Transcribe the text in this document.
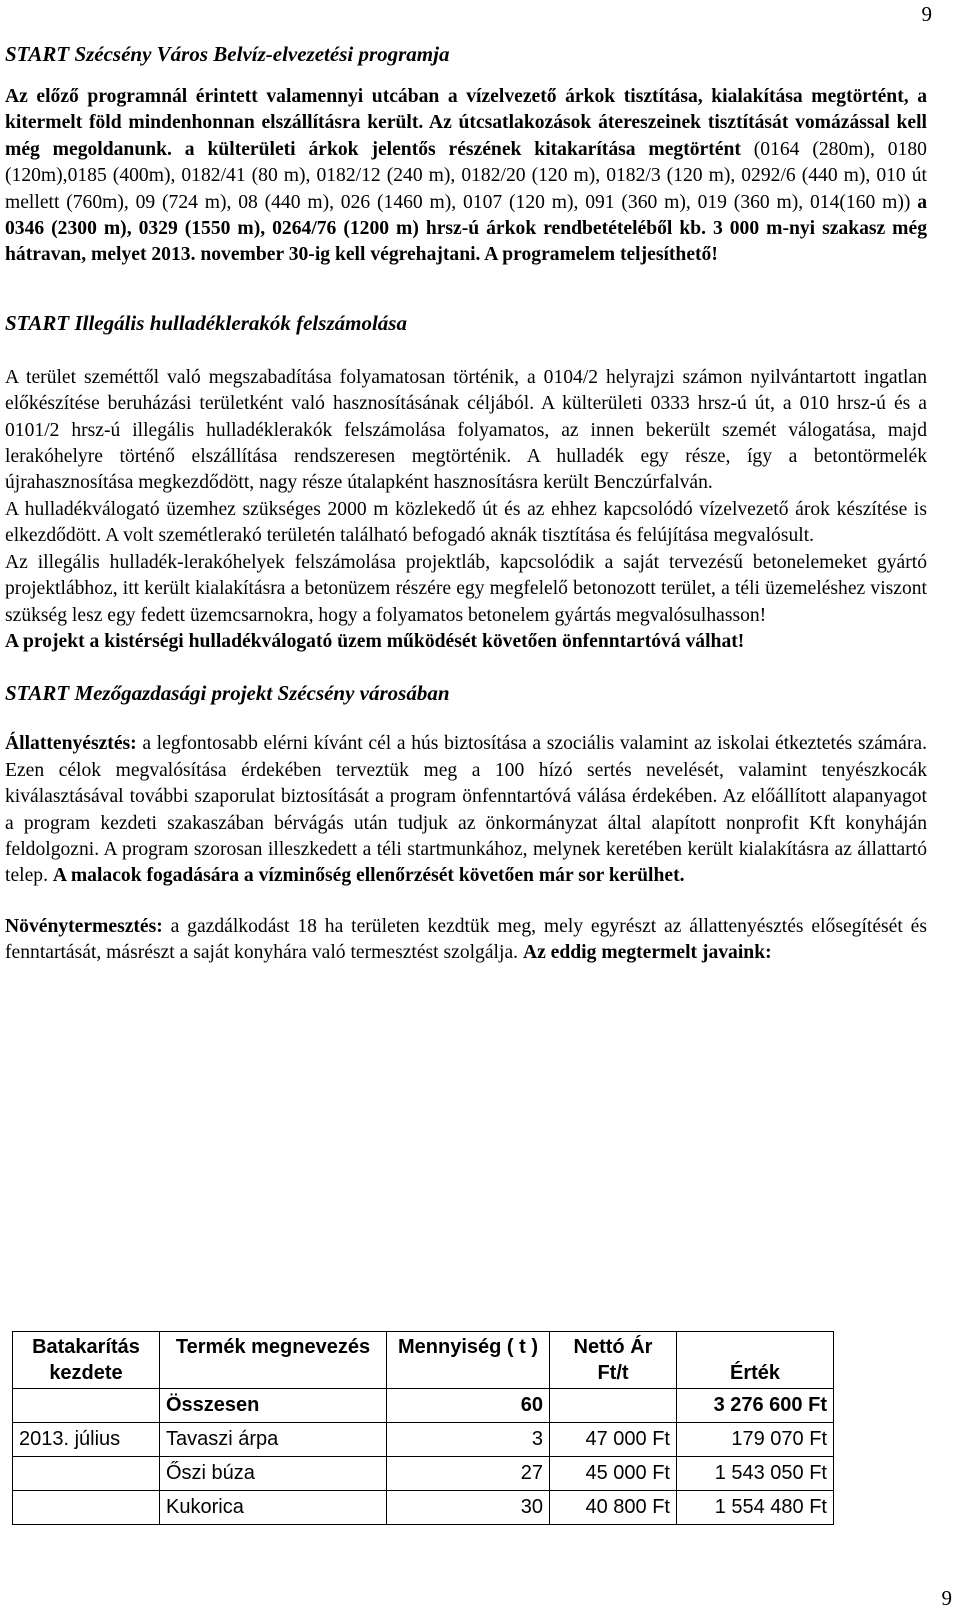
9
START Szécsény Város Belvíz-elvezetési programja

Az előző programnál érintett valamennyi utcában a vízelvezető árkok tisztítása, kialakítása megtörtént, a kitermelt föld mindenhonnan elszállításra került. Az útcsatlakozások átereszeinek tisztítását vomázással kell még megoldanunk. a külterületi árkok jelentős részének kitakarítása megtörtént (0164 (280m), 0180 (120m),0185 (400m), 0182/41 (80 m), 0182/12 (240 m), 0182/20 (120 m), 0182/3 (120 m), 0292/6 (440 m), 010 út mellett (760m), 09 (724 m), 08 (440 m), 026 (1460 m), 0107 (120 m), 091 (360 m), 019 (360 m), 014(160 m)) a 0346 (2300 m), 0329 (1550 m), 0264/76 (1200 m) hrsz-ú árkok rendbetételéből kb. 3 000 m-nyi szakasz még hátravan, melyet 2013. november 30-ig kell végrehajtani. A programelem teljesíthető!

START Illegális hulladéklerakók felszámolása

A terület szeméttől való megszabadítása folyamatosan történik, a 0104/2 helyrajzi számon nyilvántartott ingatlan előkészítése beruházási területként való hasznosításának céljából. A külterületi 0333 hrsz-ú út, a 010 hrsz-ú és a 0101/2 hrsz-ú illegális hulladéklerakók felszámolása folyamatos, az innen bekerült szemét válogatása, majd lerakóhelyre történő elszállítása rendszeresen megtörténik. A hulladék egy része, így a betontörmelék újrahasznosítása megkezdődött, nagy része útalapként hasznosításra került Benczúrfalván.

A hulladékválogató üzemhez szükséges 2000 m közlekedő út és az ehhez kapcsolódó vízelvezető árok készítése is elkezdődött. A volt szemétlerakó területén található befogadó aknák tisztítása és felújítása megvalósult.

Az illegális hulladék-lerakóhelyek felszámolása projektláb, kapcsolódik a saját tervezésű betonelemeket gyártó projektlábhoz, itt került kialakításra a betonüzem részére egy megfelelő betonozott terület, a téli üzemeléshez viszont szükség lesz egy fedett üzemcsarnokra, hogy a folyamatos betonelem gyártás megvalósulhasson!

A projekt a kistérségi hulladékválogató üzem működését követően önfenntartóvá válhat!

START Mezőgazdasági projekt Szécsény városában

Állattenyésztés: a legfontosabb elérni kívánt cél a hús biztosítása a szociális valamint az iskolai étkeztetés számára. Ezen célok megvalósítása érdekében terveztük meg a 100 hízó sertés nevelését, valamint tenyészkocák kiválasztásával további szaporulat biztosítását a program önfenntartóvá válása érdekében. Az előállított alapanyagot a program kezdeti szakaszában bérvágás után tudjuk az önkormányzat által alapított nonprofit Kft konyháján feldolgozni. A program szorosan illeszkedett a téli startmunkához, melynek keretében került kialakításra az állattartó telep. A malacok fogadására a vízminőség ellenőrzését követően már sor kerülhet.

Növénytermesztés: a gazdálkodást 18 ha területen kezdtük meg, mely egyrészt az állattenyésztés elősegítését és fenntartását, másrészt a saját konyhára való termesztést szolgálja. Az eddig megtermelt javaink:

Batakarítás kezdete	Termék megnevezés	Mennyiség ( t )	Nettó Ár Ft/t	Érték
	Összesen	60		3 276 600 Ft
2013. július	Tavaszi árpa	3	47 000 Ft	179 070 Ft
	Őszi búza	27	45 000 Ft	1 543 050 Ft
	Kukorica	30	40 800 Ft	1 554 480 Ft
9
